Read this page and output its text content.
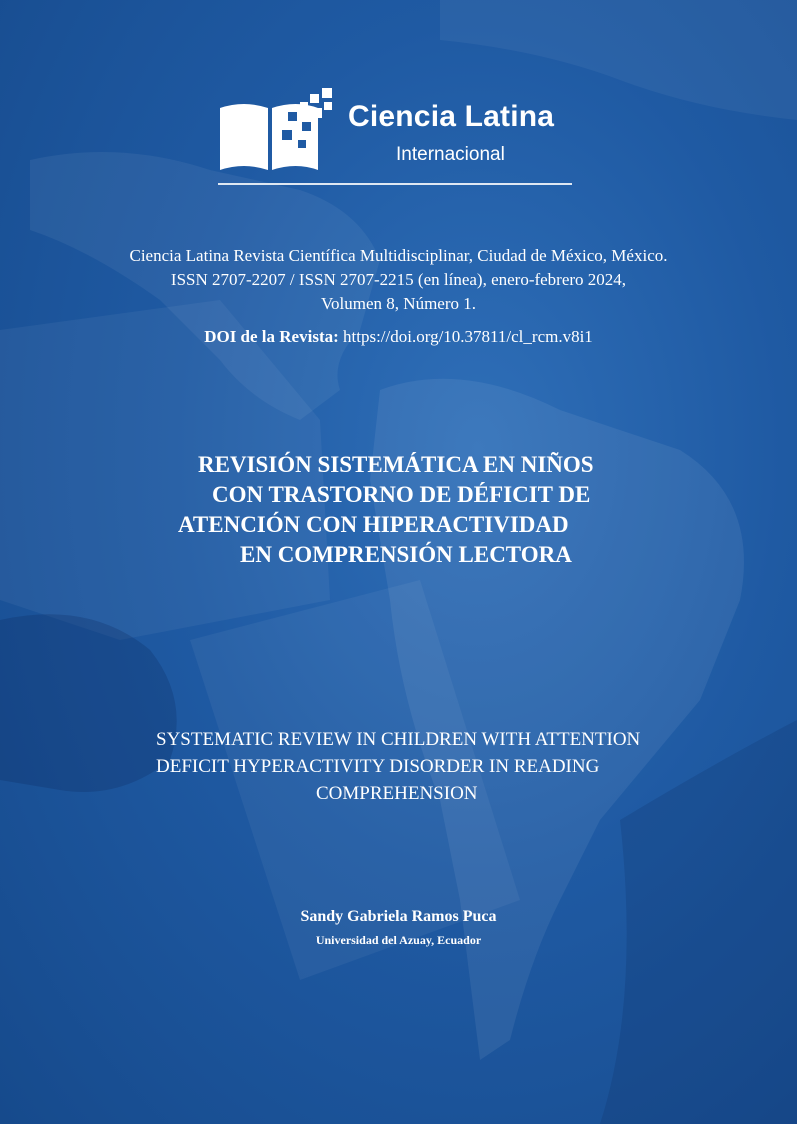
Ciencia Latina
Internacional
Ciencia Latina Revista Científica Multidisciplinar, Ciudad de México, México.
ISSN 2707-2207 / ISSN 2707-2215 (en línea), enero-febrero 2024,
Volumen 8, Número 1.
DOI de la Revista: https://doi.org/10.37811/cl_rcm.v8i1
REVISIÓN SISTEMÁTICA EN NIÑOS
CON TRASTORNO DE DÉFICIT DE
ATENCIÓN CON HIPERACTIVIDAD
EN COMPRENSIÓN LECTORA
SYSTEMATIC REVIEW IN CHILDREN WITH ATTENTION
DEFICIT HYPERACTIVITY DISORDER IN READING
COMPREHENSION
Sandy Gabriela Ramos Puca
Universidad del Azuay, Ecuador
